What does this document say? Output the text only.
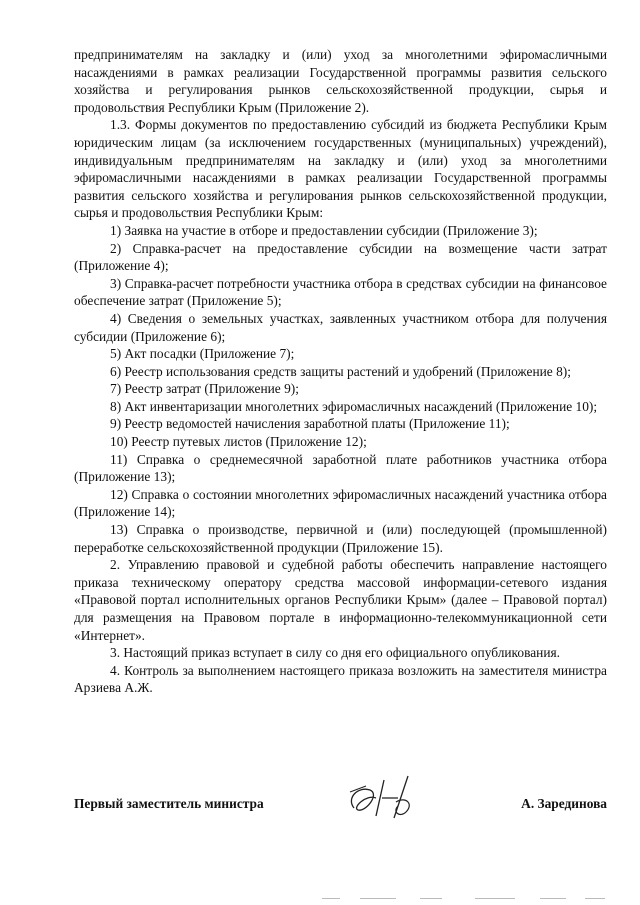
предпринимателям на закладку и (или) уход за многолетними эфиромасличными насаждениями в рамках реализации Государственной программы развития сельского хозяйства и регулирования рынков сельскохозяйственной продукции, сырья и продовольствия Республики Крым (Приложение 2).

1.3. Формы документов по предоставлению субсидий из бюджета Республики Крым юридическим лицам (за исключением государственных (муниципальных) учреждений), индивидуальным предпринимателям на закладку и (или) уход за многолетними эфиромасличными насаждениями в рамках реализации Государственной программы развития сельского хозяйства и регулирования рынков сельскохозяйственной продукции, сырья и продовольствия Республики Крым:

1) Заявка на участие в отборе и предоставлении субсидии (Приложение 3);

2) Справка-расчет на предоставление субсидии на возмещение части затрат (Приложение 4);

3) Справка-расчет потребности участника отбора в средствах субсидии на финансовое обеспечение затрат (Приложение 5);

4) Сведения о земельных участках, заявленных участником отбора для получения субсидии (Приложение 6);

5) Акт посадки (Приложение 7);

6) Реестр использования средств защиты растений и удобрений (Приложение 8);

7) Реестр затрат (Приложение 9);

8) Акт инвентаризации многолетних эфиромасличных насаждений (Приложение 10);

9) Реестр ведомостей начисления заработной платы (Приложение 11);

10) Реестр путевых листов (Приложение 12);

11) Справка о среднемесячной заработной плате работников участника отбора (Приложение 13);

12) Справка о состоянии многолетних эфиромасличных насаждений участника отбора (Приложение 14);

13) Справка о производстве, первичной и (или) последующей (промышленной) переработке сельскохозяйственной продукции (Приложение 15).

2. Управлению правовой и судебной работы обеспечить направление настоящего приказа техническому оператору средства массовой информации-сетевого издания «Правовой портал исполнительных органов Республики Крым» (далее – Правовой портал) для размещения на Правовом портале в информационно-телекоммуникационной сети «Интернет».

3. Настоящий приказ вступает в силу со дня его официального опубликования.

4. Контроль за выполнением настоящего приказа возложить на заместителя министра Арзиева А.Ж.

Первый заместитель министра	А. Зарединова
